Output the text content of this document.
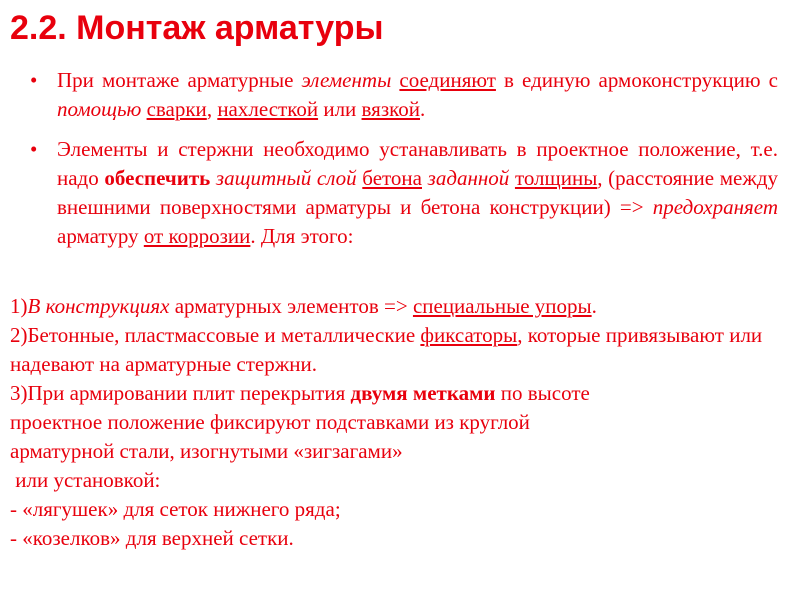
2.2. Монтаж арматуры
• При монтаже арматурные элементы соединяют в единую армоконструкцию с помощью сварки, нахлесткой или вязкой.
• Элементы и стержни необходимо устанавливать в проектное положение, т.е. надо обеспечить защитный слой бетона заданной толщины, (расстояние между внешними поверхностями арматуры и бетона конструкции) => предохраняет арматуру от коррозии. Для этого:
1)В конструкциях арматурных элементов => специальные упоры.
2)Бетонные, пластмассовые и металлические фиксаторы, которые привязывают или надевают на арматурные стержни.
3)При армировании плит перекрытия двумя метками по высоте
проектное положение фиксируют подставками из круглой
арматурной стали, изогнутыми «зигзагами»
или установкой:
- «лягушек» для сеток нижнего ряда;
- «козелков» для верхней сетки.
